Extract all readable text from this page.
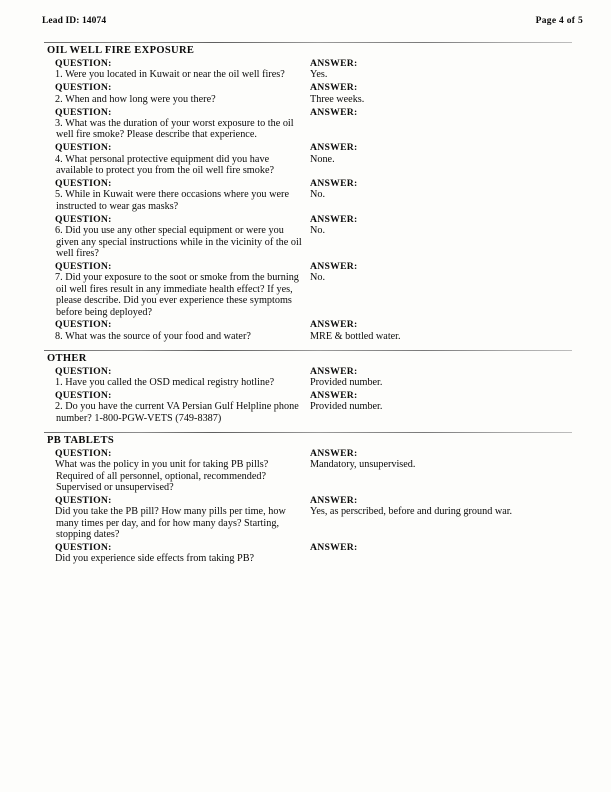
Lead ID: 14074	Page 4 of 5
OIL WELL FIRE EXPOSURE
QUESTION:
1. Were you located in Kuwait or near the oil well fires?
ANSWER:
Yes.
QUESTION:
2. When and how long were you there?
ANSWER:
Three weeks.
QUESTION:
3. What was the duration of your worst exposure to the oil well fire smoke? Please describe that experience.
ANSWER:
QUESTION:
4. What personal protective equipment did you have available to protect you from the oil well fire smoke?
ANSWER:
None.
QUESTION:
5. While in Kuwait were there occasions where you were instructed to wear gas masks?
ANSWER:
No.
QUESTION:
6. Did you use any other special equipment or were you given any special instructions while in the vicinity of the oil well fires?
ANSWER:
No.
QUESTION:
7. Did your exposure to the soot or smoke from the burning oil well fires result in any immediate health effect? If yes, please describe. Did you ever experience these symptoms before being deployed?
ANSWER:
No.
QUESTION:
8. What was the source of your food and water?
ANSWER:
MRE & bottled water.
OTHER
QUESTION:
1. Have you called the OSD medical registry hotline?
ANSWER:
Provided number.
QUESTION:
2. Do you have the current VA Persian Gulf Helpline phone number? 1-800-PGW-VETS (749-8387)
ANSWER:
Provided number.
PB TABLETS
QUESTION:
What was the policy in you unit for taking PB pills? Required of all personnel, optional, recommended? Supervised or unsupervised?
ANSWER:
Mandatory, unsupervised.
QUESTION:
Did you take the PB pill? How many pills per time, how many times per day, and for how many days? Starting, stopping dates?
ANSWER:
Yes, as perscribed, before and during ground war.
QUESTION:
Did you experience side effects from taking PB?
ANSWER:
